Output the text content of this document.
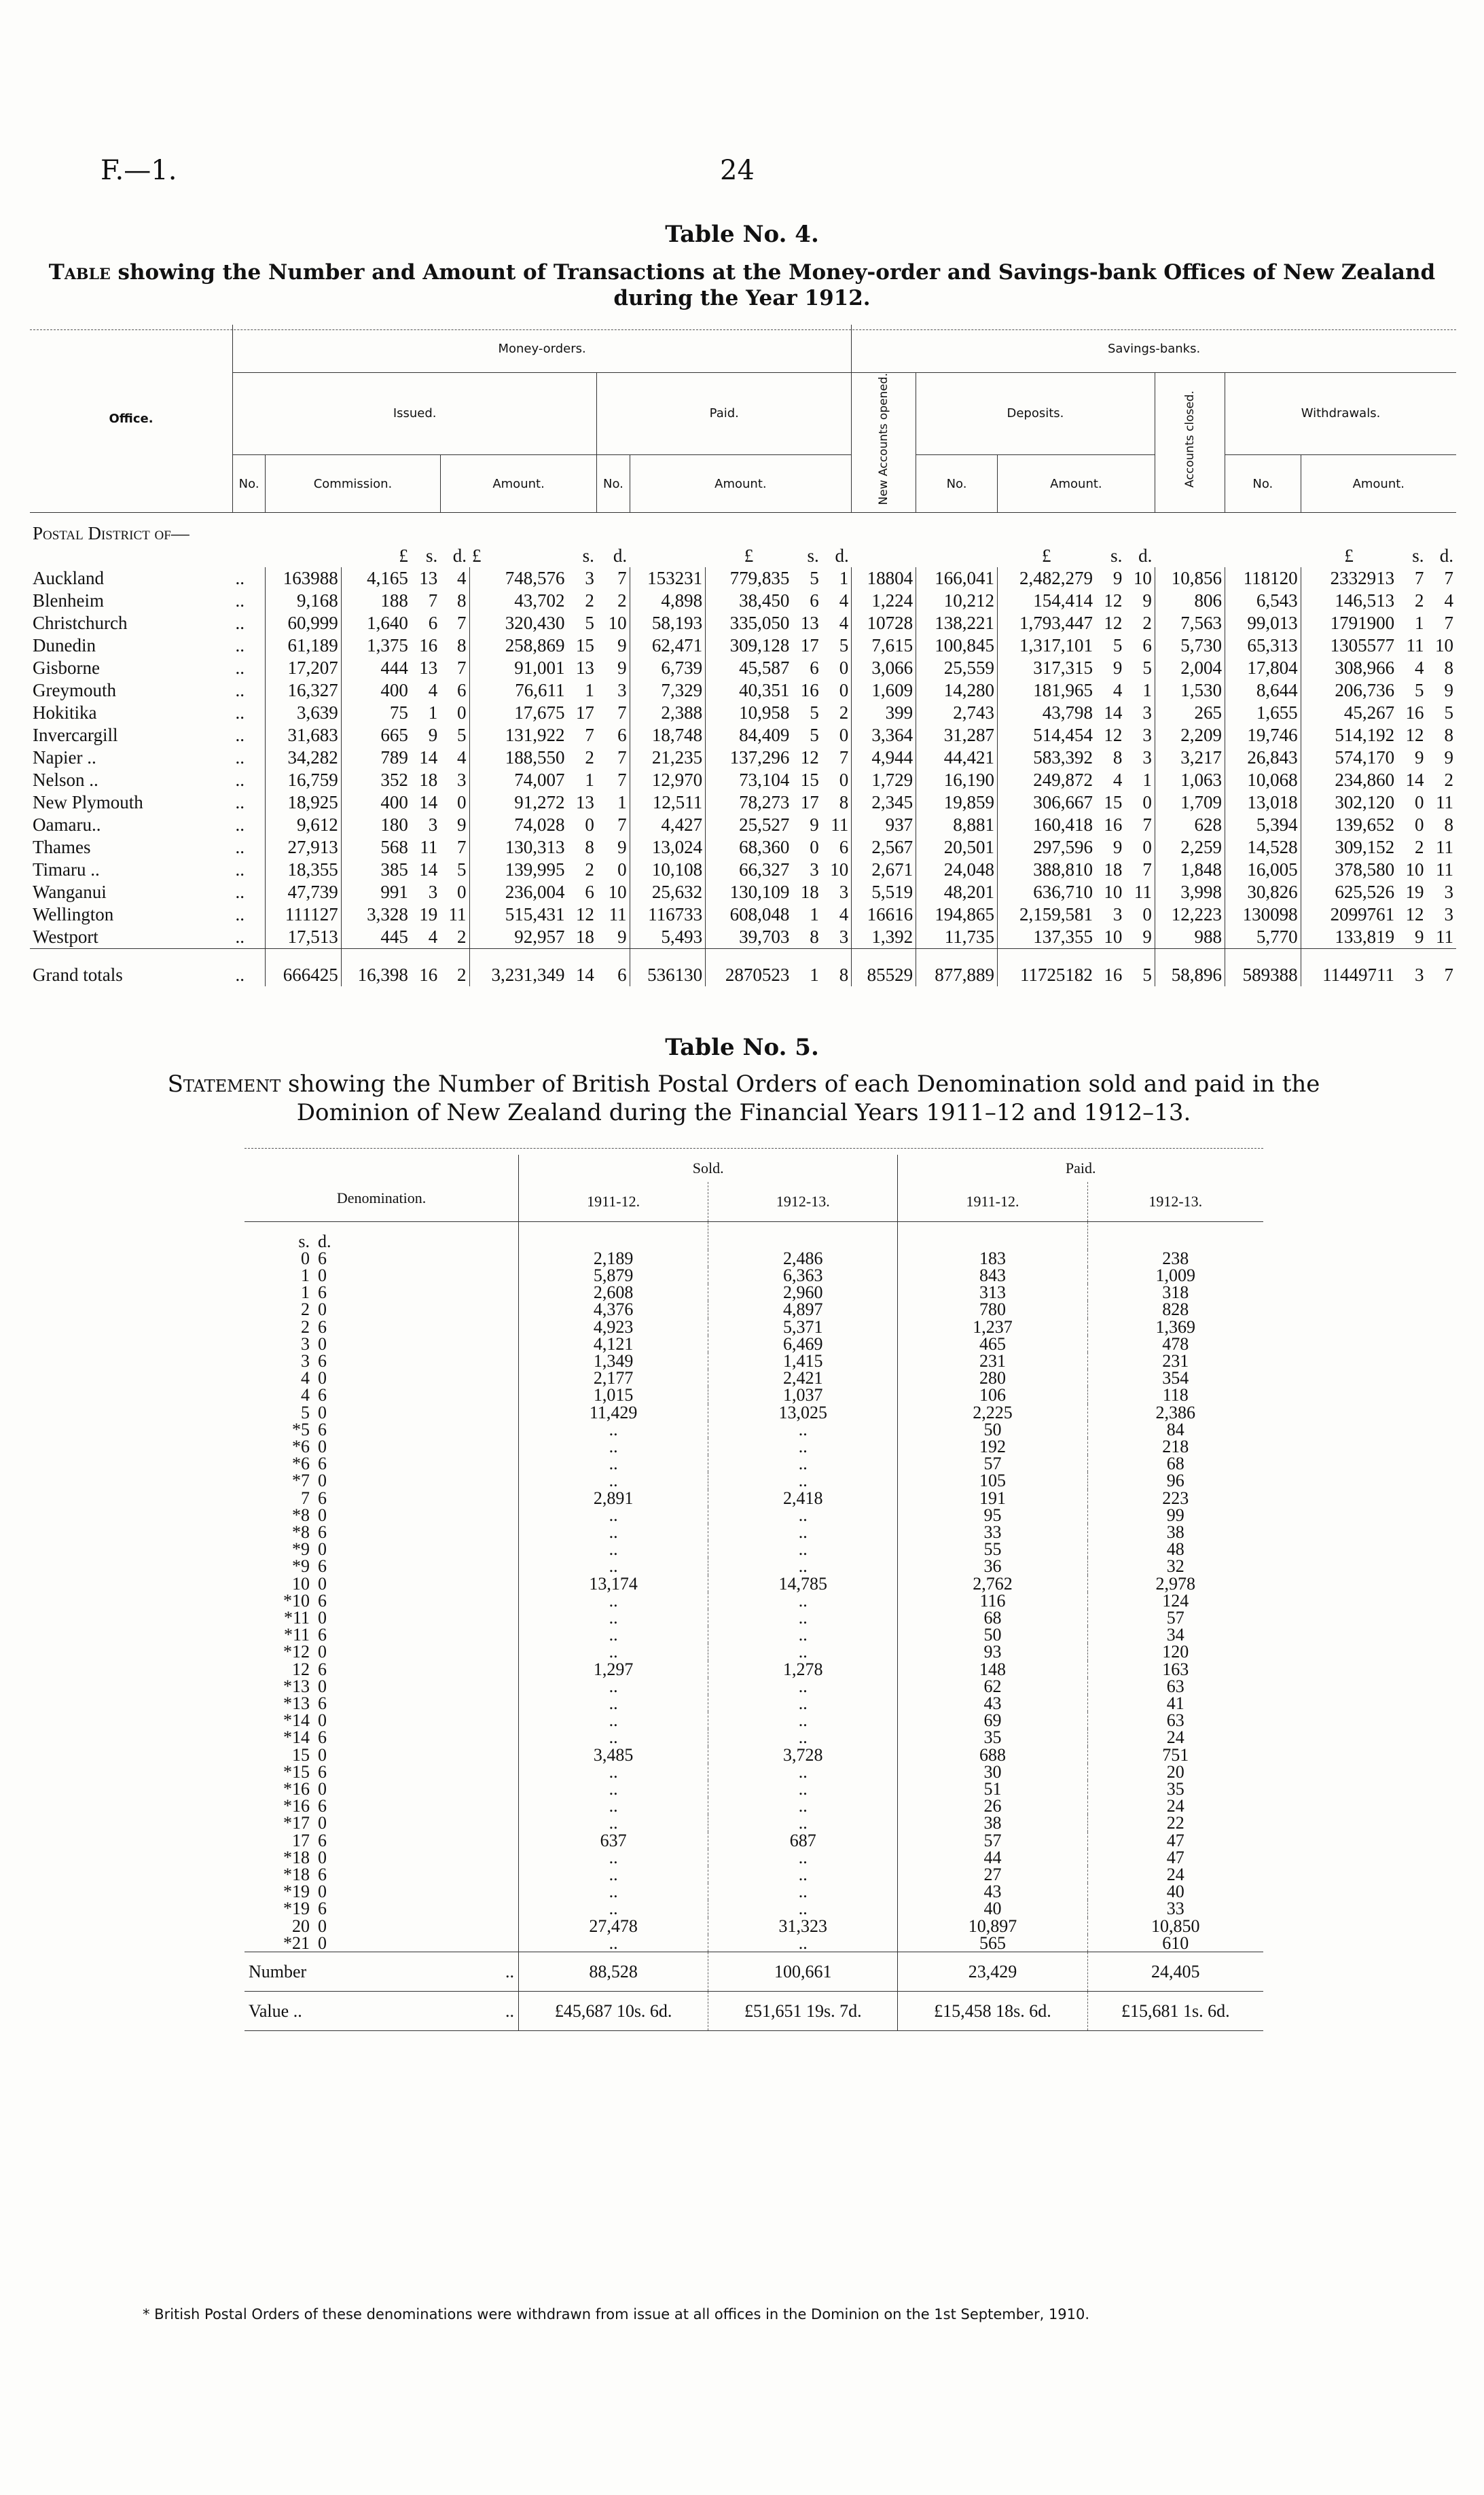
F.—1.	24
Table No. 4.
Table showing the Number and Amount of Transactions at the Money-order and Savings-bank Offices of New Zealand during the Year 1912.
Office.	Money-orders.												Savings-banks.									
	Issued.							Paid.					New Accounts opened.	Deposits.				Accounts closed.	Withdrawals.			
	No.	Commission.			Amount.			No.	Amount.					No.	Amount.				No.	Amount.		
Postal District of—																						
			£	s.	d.	£	s.	d.		£	s.	d.			£	s.	d.			£	s.	d.
Auckland	..	163988	4,165	13	4	748,576	3	7	153231	779,835	5	1	18804	166,041	2,482,279	9	10	10,856	118120	2332913	7	7
Blenheim	..	9,168	188	7	8	43,702	2	2	4,898	38,450	6	4	1,224	10,212	154,414	12	9	806	6,543	146,513	2	4
Christchurch	..	60,999	1,640	6	7	320,430	5	10	58,193	335,050	13	4	10728	138,221	1,793,447	12	2	7,563	99,013	1791900	1	7
Dunedin	..	61,189	1,375	16	8	258,869	15	9	62,471	309,128	17	5	7,615	100,845	1,317,101	5	6	5,730	65,313	1305577	11	10
Gisborne	..	17,207	444	13	7	91,001	13	9	6,739	45,587	6	0	3,066	25,559	317,315	9	5	2,004	17,804	308,966	4	8
Greymouth	..	16,327	400	4	6	76,611	1	3	7,329	40,351	16	0	1,609	14,280	181,965	4	1	1,530	8,644	206,736	5	9
Hokitika	..	3,639	75	1	0	17,675	17	7	2,388	10,958	5	2	399	2,743	43,798	14	3	265	1,655	45,267	16	5
Invercargill	..	31,683	665	9	5	131,922	7	6	18,748	84,409	5	0	3,364	31,287	514,454	12	3	2,209	19,746	514,192	12	8
Napier ..	..	34,282	789	14	4	188,550	2	7	21,235	137,296	12	7	4,944	44,421	583,392	8	3	3,217	26,843	574,170	9	9
Nelson ..	..	16,759	352	18	3	74,007	1	7	12,970	73,104	15	0	1,729	16,190	249,872	4	1	1,063	10,068	234,860	14	2
New Plymouth	..	18,925	400	14	0	91,272	13	1	12,511	78,273	17	8	2,345	19,859	306,667	15	0	1,709	13,018	302,120	0	11
Oamaru..	..	9,612	180	3	9	74,028	0	7	4,427	25,527	9	11	937	8,881	160,418	16	7	628	5,394	139,652	0	8
Thames	..	27,913	568	11	7	130,313	8	9	13,024	68,360	0	6	2,567	20,501	297,596	9	0	2,259	14,528	309,152	2	11
Timaru ..	..	18,355	385	14	5	139,995	2	0	10,108	66,327	3	10	2,671	24,048	388,810	18	7	1,848	16,005	378,580	10	11
Wanganui	..	47,739	991	3	0	236,004	6	10	25,632	130,109	18	3	5,519	48,201	636,710	10	11	3,998	30,826	625,526	19	3
Wellington	..	111127	3,328	19	11	515,431	12	11	116733	608,048	1	4	16616	194,865	2,159,581	3	0	12,223	130098	2099761	12	3
Westport	..	17,513	445	4	2	92,957	18	9	5,493	39,703	8	3	1,392	11,735	137,355	10	9	988	5,770	133,819	9	11
Grand totals	..	666425	16,398	16	2	3,231,349	14	6	536130	2870523	1	8	85529	877,889	11725182	16	5	58,896	589388	11449711	3	7
Table No. 5.
Statement showing the Number of British Postal Orders of each Denomination sold and paid in the Dominion of New Zealand during the Financial Years 1911–12 and 1912–13.
Denomination.		Sold.		Paid.	
		1911-12.	1912-13.	1911-12.	1912-13.
s.	d.				
0	6	2,189	2,486	183	238
1	0	5,879	6,363	843	1,009
1	6	2,608	2,960	313	318
2	0	4,376	4,897	780	828
2	6	4,923	5,371	1,237	1,369
3	0	4,121	6,469	465	478
3	6	1,349	1,415	231	231
4	0	2,177	2,421	280	354
4	6	1,015	1,037	106	118
5	0	11,429	13,025	2,225	2,386
*5	6	..	..	50	84
*6	0	..	..	192	218
*6	6	..	..	57	68
*7	0	..	..	105	96
7	6	2,891	2,418	191	223
*8	0	..	..	95	99
*8	6	..	..	33	38
*9	0	..	..	55	48
*9	6	..	..	36	32
10	0	13,174	14,785	2,762	2,978
*10	6	..	..	116	124
*11	0	..	..	68	57
*11	6	..	..	50	34
*12	0	..	..	93	120
12	6	1,297	1,278	148	163
*13	0	..	..	62	63
*13	6	..	..	43	41
*14	0	..	..	69	63
*14	6	..	..	35	24
15	0	3,485	3,728	688	751
*15	6	..	..	30	20
*16	0	..	..	51	35
*16	6	..	..	26	24
*17	0	..	..	38	22
17	6	637	687	57	47
*18	0	..	..	44	47
*18	6	..	..	27	24
*19	0	..	..	43	40
*19	6	..	..	40	33
20	0	27,478	31,323	10,897	10,850
*21	0	..	..	565	610
Number	..	88,528	100,661	23,429	24,405
Value ..	..	£45,687 10s. 6d.	£51,651 19s. 7d.	£15,458 18s. 6d.	£15,681 1s. 6d.
* British Postal Orders of these denominations were withdrawn from issue at all offices in the Dominion on the 1st September, 1910.
